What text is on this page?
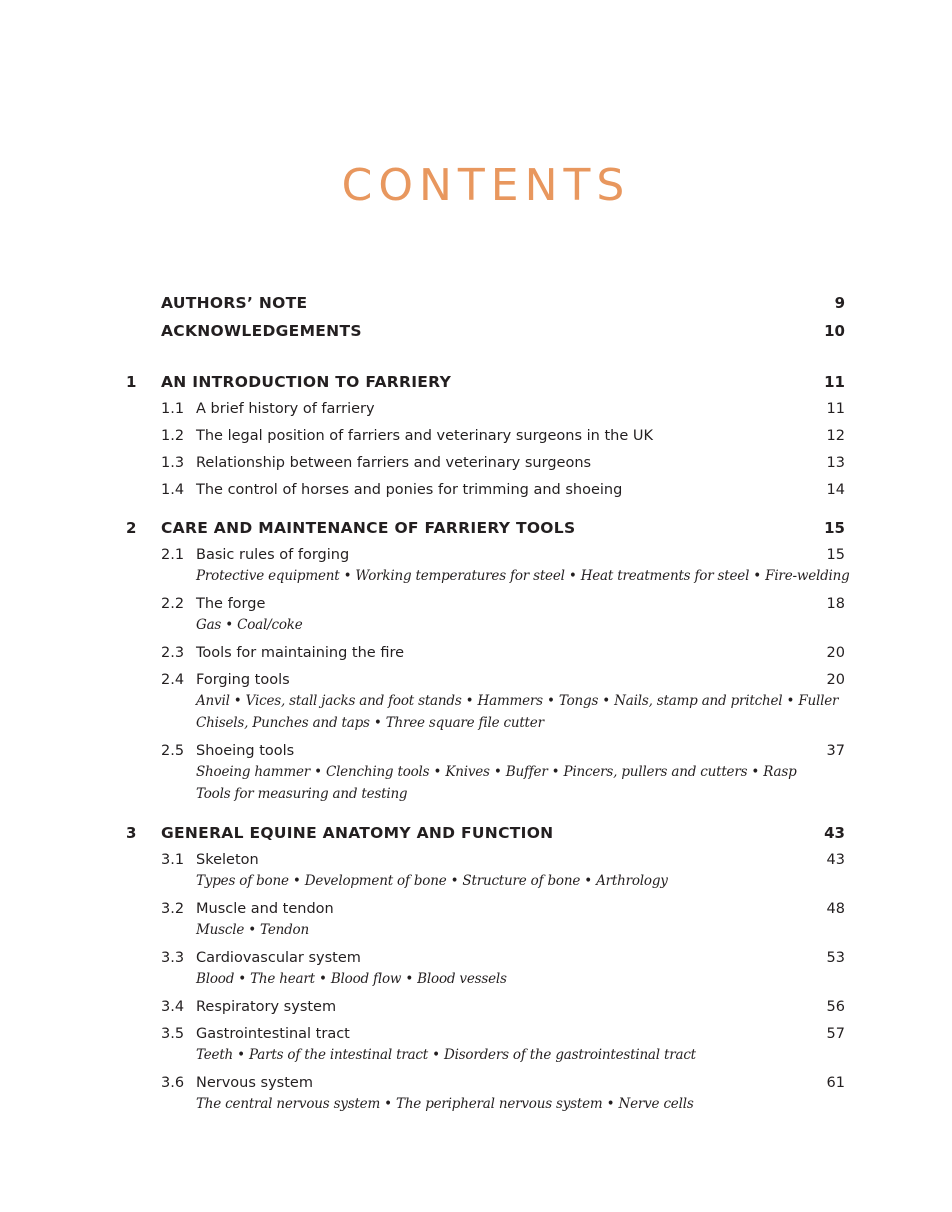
CONTENTS
AUTHORS’ NOTE	9
ACKNOWLEDGEMENTS	10
1 AN INTRODUCTION TO FARRIERY	11
1.1 A brief history of farriery	11
1.2 The legal position of farriers and veterinary surgeons in the UK	12
1.3 Relationship between farriers and veterinary surgeons	13
1.4 The control of horses and ponies for trimming and shoeing	14
2 CARE AND MAINTENANCE OF FARRIERY TOOLS	15
2.1 Basic rules of forging	15
Protective equipment • Working temperatures for steel • Heat treatments for steel • Fire-welding
2.2 The forge	18
Gas • Coal/coke
2.3 Tools for maintaining the fire	20
2.4 Forging tools	20
Anvil • Vices, stall jacks and foot stands • Hammers • Tongs • Nails, stamp and pritchel • Fuller
Chisels, Punches and taps • Three square file cutter
2.5 Shoeing tools	37
Shoeing hammer • Clenching tools • Knives • Buffer • Pincers, pullers and cutters • Rasp
Tools for measuring and testing
3 GENERAL EQUINE ANATOMY AND FUNCTION	43
3.1 Skeleton	43
Types of bone • Development of bone • Structure of bone • Arthrology
3.2 Muscle and tendon	48
Muscle • Tendon
3.3 Cardiovascular system	53
Blood • The heart • Blood flow • Blood vessels
3.4 Respiratory system	56
3.5 Gastrointestinal tract	57
Teeth • Parts of the intestinal tract • Disorders of the gastrointestinal tract
3.6 Nervous system	61
The central nervous system • The peripheral nervous system • Nerve cells
